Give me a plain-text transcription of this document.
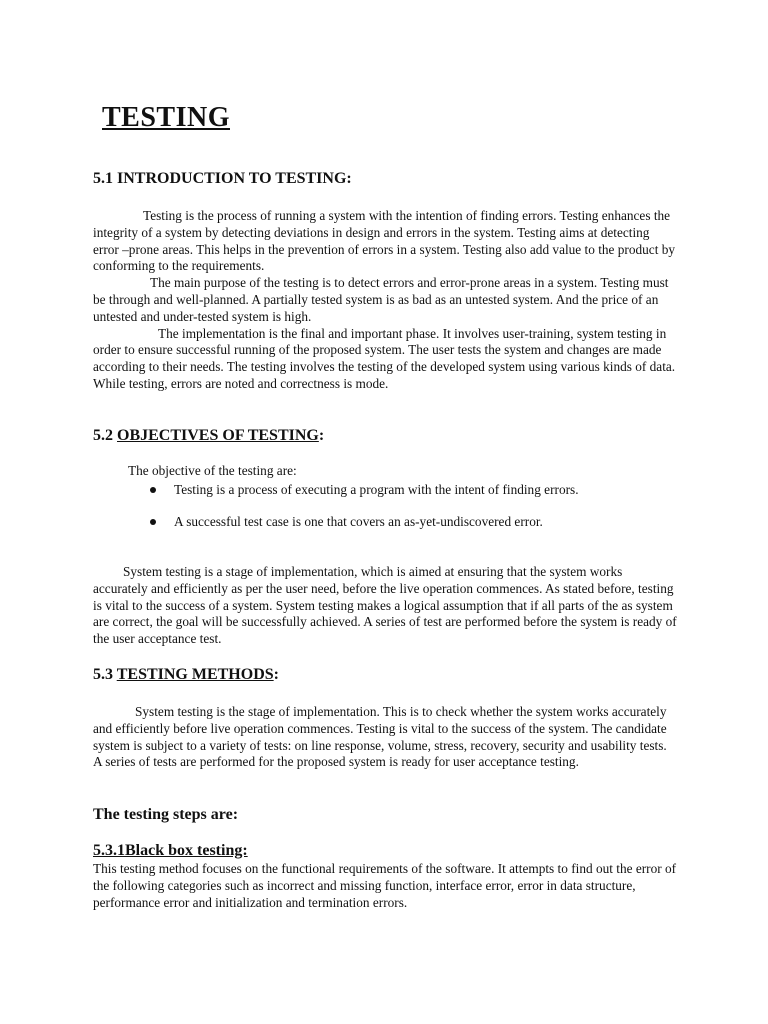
TESTING
5.1 INTRODUCTION TO TESTING:

Testing is the process of running a system with the intention of finding errors. Testing enhances the integrity of a system by detecting deviations in design and errors in the system. Testing aims at detecting error –prone areas. This helps in the prevention of errors in a system. Testing also add value to the product by conforming to the requirements.

The main purpose of the testing is to detect errors and error-prone areas in a system. Testing must be through and well-planned. A partially tested system is as bad as an untested system. And the price of an untested and under-tested system is high.

The implementation is the final and important phase. It involves user-training, system testing in order to ensure successful running of the proposed system. The user tests the system and changes are made according to their needs. The testing involves the testing of the developed system using various kinds of data. While testing, errors are noted and correctness is mode.

5.2 OBJECTIVES OF TESTING:
The objective of the testing are:
Testing is a process of executing a program with the intent of finding errors.
A successful test case is one that covers an as-yet-undiscovered error.

System testing is a stage of implementation, which is aimed at ensuring that the system works accurately and efficiently as per the user need, before the live operation commences. As stated before, testing is vital to the success of a system. System testing makes a logical assumption that if all parts of the as system are correct, the goal will be successfully achieved. A series of test are performed before the system is ready of the user acceptance test.

5.3 TESTING METHODS:

System testing is the stage of implementation. This is to check whether the system works accurately and efficiently before live operation commences. Testing is vital to the success of the system. The candidate system is subject to a variety of tests: on line response, volume, stress, recovery, security and usability tests. A series of tests are performed for the proposed system is ready for user acceptance testing.

The testing steps are:
5.3.1Black box testing:

This testing method focuses on the functional requirements of the software. It attempts to find out the error of the following categories such as incorrect and missing function, interface error, error in data structure, performance error and initialization and termination errors.
